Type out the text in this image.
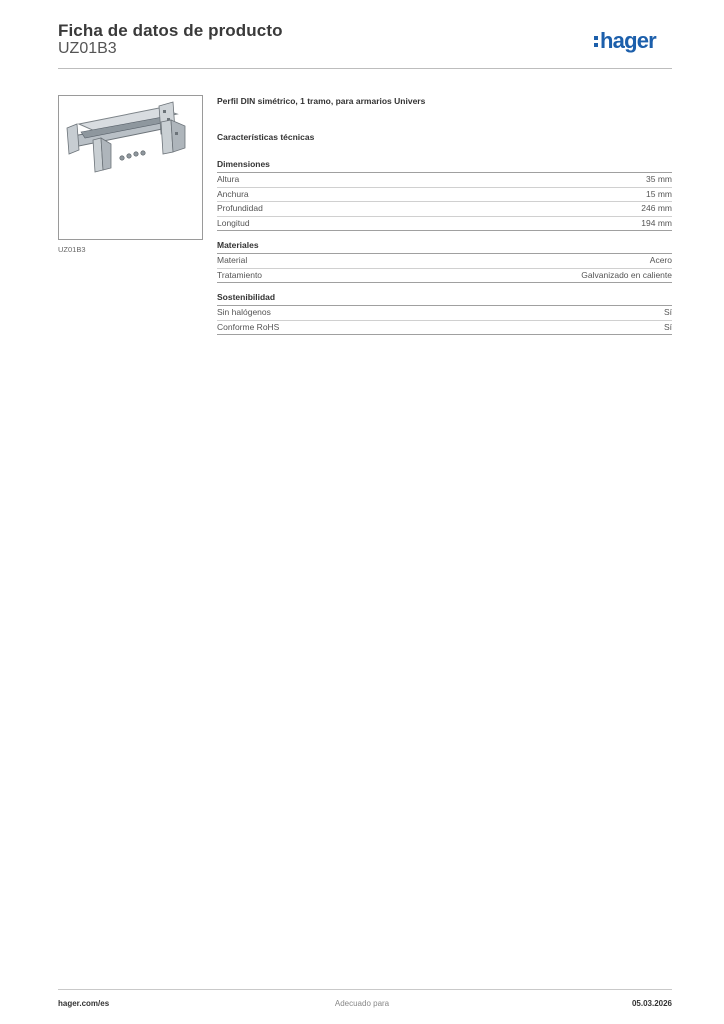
Ficha de datos de producto
UZ01B3	hager
UZ01B3
Perfil DIN simétrico, 1 tramo, para armarios Univers
Características técnicas
Dimensiones
Altura	35 mm
Anchura	15 mm
Profundidad	246 mm
Longitud	194 mm
Materiales
Material	Acero
Tratamiento	Galvanizado en caliente
Sostenibilidad
Sin halógenos	Sí
Conforme RoHS	Sí
hager.com/es	Adecuado para	05.03.2026
